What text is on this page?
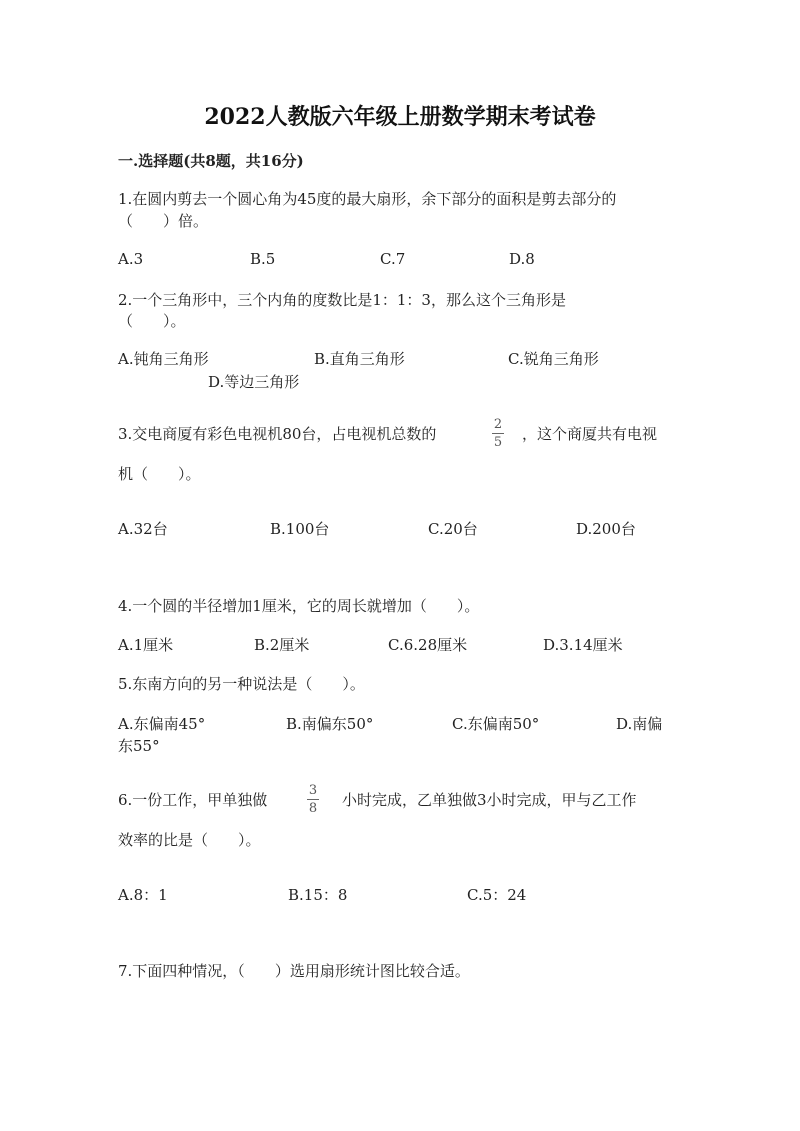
2022人教版六年级上册数学期末考试卷
一.选择题(共8题，共16分)
1.在圆内剪去一个圆心角为45度的最大扇形，余下部分的面积是剪去部分的
（　　）倍。
A.3	B.5	C.7	D.8
2.一个三角形中，三个内角的度数比是1：1：3，那么这个三角形是
（　　）。
A.钝角三角形	B.直角三角形	C.锐角三角形
D.等边三角形
3.交电商厦有彩色电视机80台，占电视机总数的
2
5	，这个商厦共有电视
机（　　）。
A.32台	B.100台	C.20台	D.200台
4.一个圆的半径增加1厘米，它的周长就增加（　　）。
A.1厘米	B.2厘米	C.6.28厘米	D.3.14厘米
5.东南方向的另一种说法是（　　）。
A.东偏南45°	B.南偏东50°	C.东偏南50°	D.南偏
东55°
6.一份工作，甲单独做
3
8	小时完成，乙单独做3小时完成，甲与乙工作
效率的比是（　　）。
A.8：1	B.15：8	C.5：24
7.下面四种情况，（　　）选用扇形统计图比较合适。
